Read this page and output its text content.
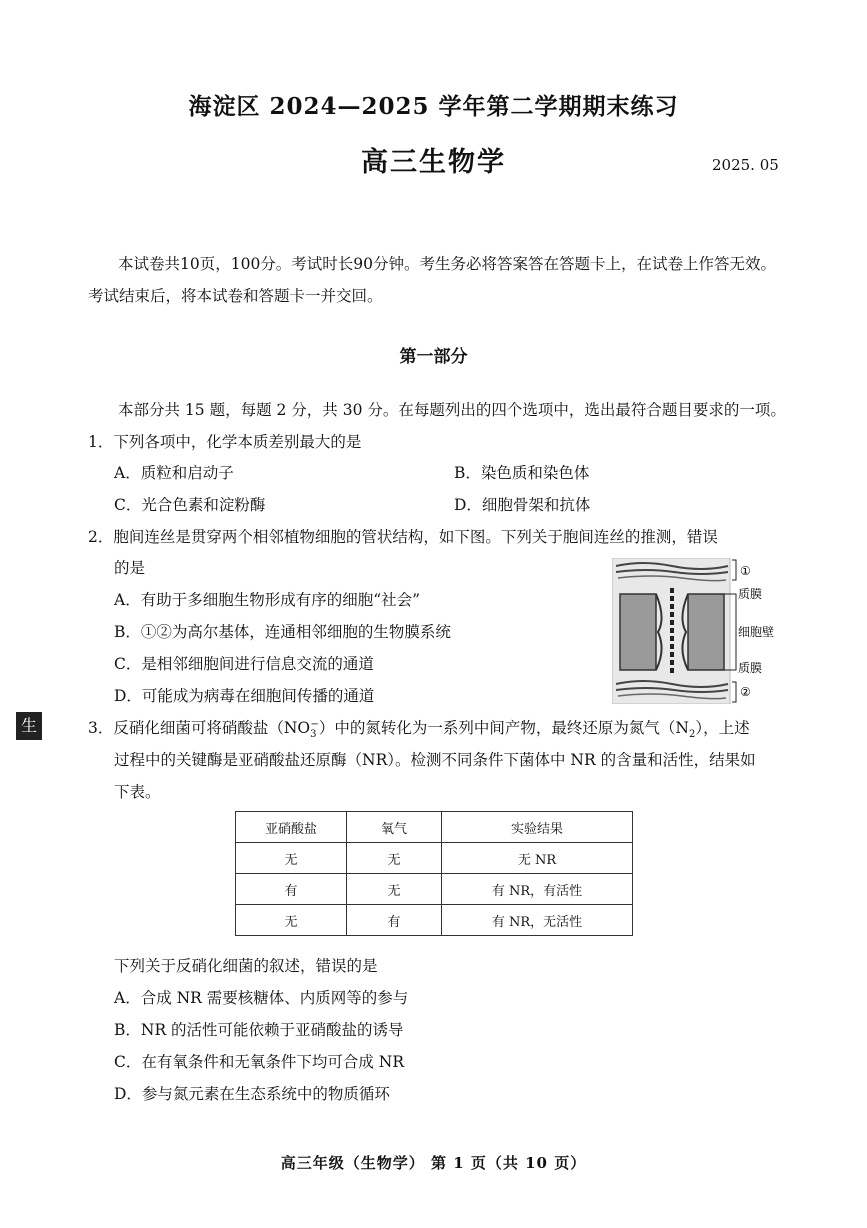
海淀区 2024—2025 学年第二学期期末练习
高三生物学	2025. 05
本试卷共10页，100分。考试时长90分钟。考生务必将答案答在答题卡上，在试卷上作答无效。考试结束后，将本试卷和答题卡一并交回。
第一部分
本部分共 15 题，每题 2 分，共 30 分。在每题列出的四个选项中，选出最符合题目要求的一项。
1．下列各项中，化学本质差别最大的是
A．质粒和启动子	B．染色质和染色体
C．光合色素和淀粉酶	D．细胞骨架和抗体
2．胞间连丝是贯穿两个相邻植物细胞的管状结构，如下图。下列关于胞间连丝的推测，错误
的是
A．有助于多细胞生物形成有序的细胞“社会”
B．①②为高尔基体，连通相邻细胞的生物膜系统
C．是相邻细胞间进行信息交流的通道
D．可能成为病毒在细胞间传播的通道
①
质膜
细胞壁
质膜
②
生	3．反硝化细菌可将硝酸盐$(NO_3^-)$中的氮转化为一系列中间产物，最终还原为氮气$(N_2)$，上述
过程中的关键酶是亚硝酸盐还原酶（NR）。检测不同条件下菌体中 NR 的含量和活性，结果如
下表。
亚硝酸盐	氧气	实验结果
无	无	无 NR
有	无	有 NR，有活性
无	有	有 NR，无活性
下列关于反硝化细菌的叙述，错误的是
A．合成 NR 需要核糖体、内质网等的参与
B．NR 的活性可能依赖于亚硝酸盐的诱导
C．在有氧条件和无氧条件下均可合成 NR
D．参与氮元素在生态系统中的物质循环
高三年级（生物学） 第 1 页（共 10 页）
